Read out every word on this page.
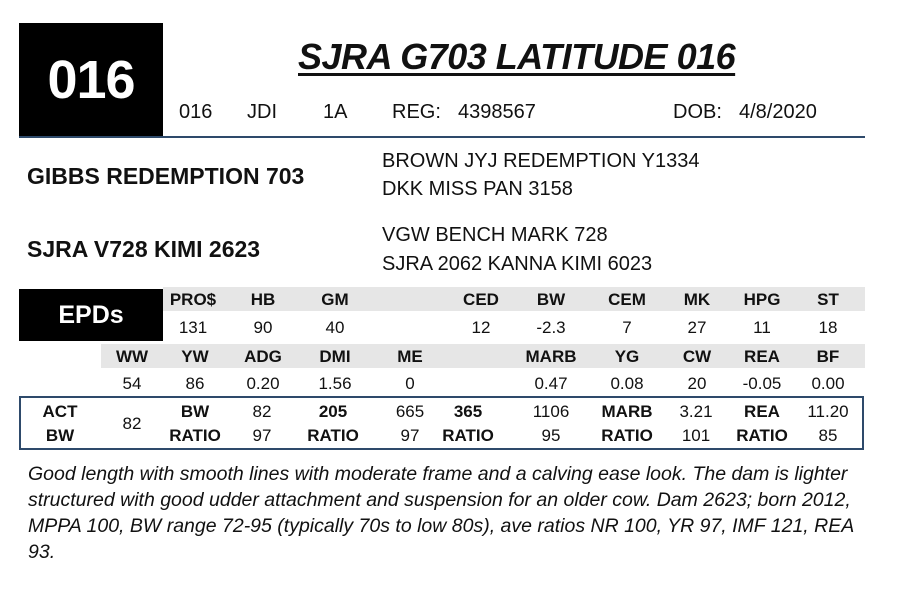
016	SJRA G703 LATITUDE 016
016 JDI 1A REG: 4398567	DOB: 4/8/2020
GIBBS REDEMPTION 703
BROWN JYJ REDEMPTION Y1334
DKK MISS PAN 3158
SJRA V728 KIMI 2623
VGW BENCH MARK 728
SJRA 2062 KANNA KIMI 6023
EPDs
PRO$
131
HB
90
GM
40
CED
12
BW
-2.3
CEM
7
MK
27
HPG
11
ST
18
WW
54
YW
86
ADG
0.20
DMI
1.56
ME
0
MARB
0.47
YG
0.08
CW
20
REA
-0.05
BF
0.00
ACT
BW
82
BW
RATIO
82
97
205
RATIO
665
97
365
RATIO
1106
95
MARB
RATIO
3.21
101
REA
RATIO
11.20
85
Good length with smooth lines with moderate frame and a calving ease look. The dam is lighter structured with good udder attachment and suspension for an older cow. Dam 2623; born 2012, MPPA 100, BW range 72-95 (typically 70s to low 80s), ave ratios NR 100, YR 97, IMF 121, REA 93.
